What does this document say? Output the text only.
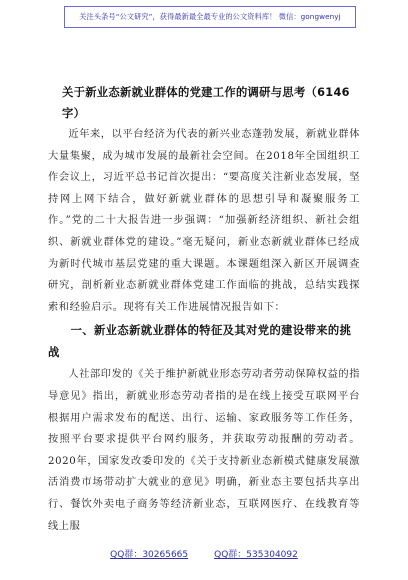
关注头条号“公文研究”，获得最新最全最专业的公文资料库！ 微信：gongwenyj
关于新业态新就业群体的党建工作的调研与思考（6146字）

近年来，以平台经济为代表的新兴业态蓬勃发展，新就业群体大量集聚，成为城市发展的最新社会空间。在2018年全国组织工作会议上，习近平总书记首次提出：“要高度关注新业态发展，坚持网上网下结合，做好新就业群体的思想引导和凝聚服务工作。”党的二十大报告进一步强调：“加强新经济组织、新社会组织、新就业群体党的建设。”毫无疑问，新业态新就业群体已经成为新时代城市基层党建的重大课题。本课题组深入新区开展调查研究，剖析新业态新就业群体党建工作面临的挑战，总结实践探索和经验启示。现将有关工作进展情况报告如下：

一、新业态新就业群体的特征及其对党的建设带来的挑战

人社部印发的《关于维护新就业形态劳动者劳动保障权益的指导意见》指出，新就业形态劳动者指的是在线上接受互联网平台根据用户需求发布的配送、出行、运输、家政服务等工作任务，按照平台要求提供平台网约服务，并获取劳动报酬的劳动者。2020年，国家发改委印发的《关于支持新业态新模式健康发展激活消费市场带动扩大就业的意见》明确，新业态主要包括共享出行、餐饮外卖电子商务等经济新业态，互联网医疗、在线教育等线上服

QQ群：30265665	QQ群：535304092
